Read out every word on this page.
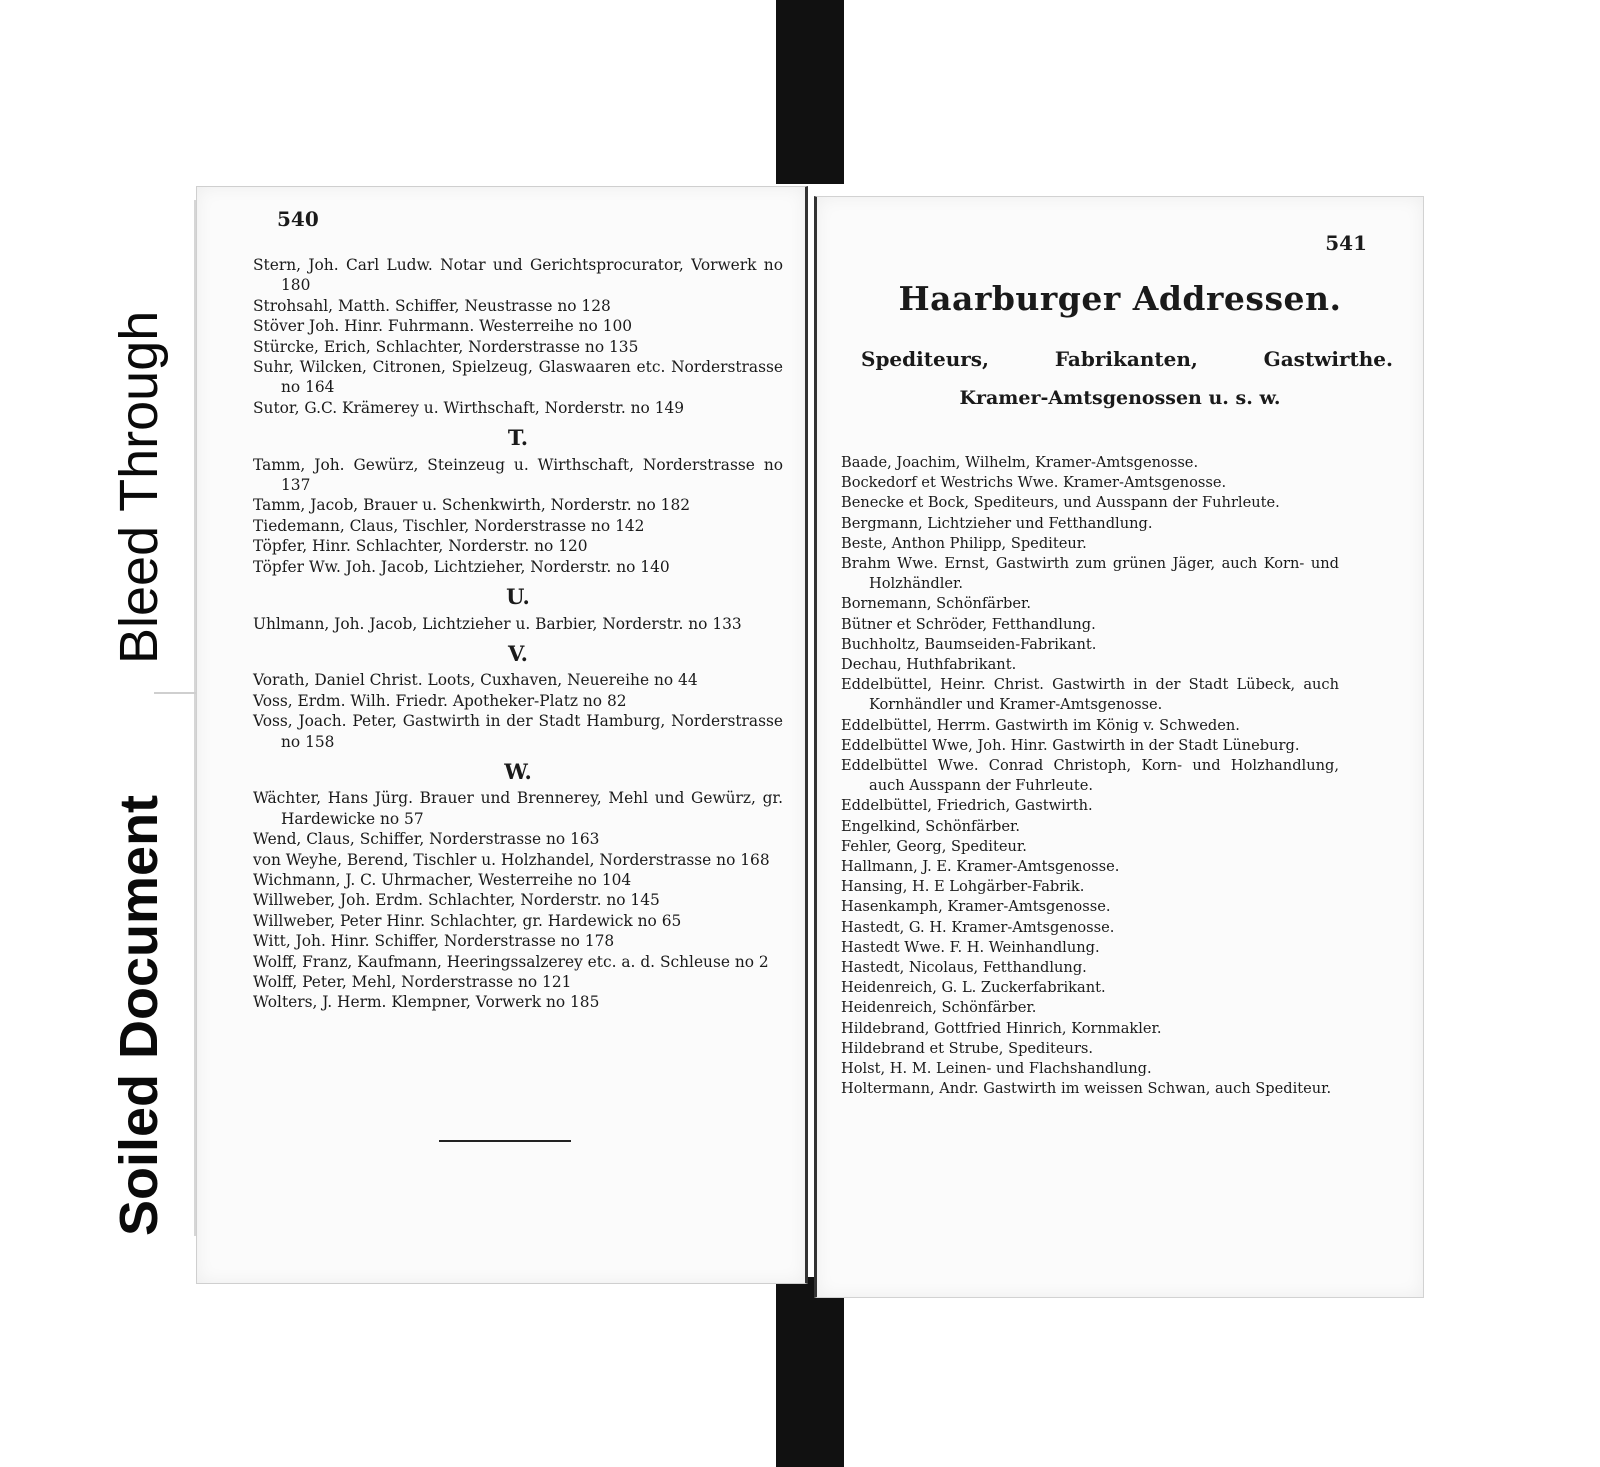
Soiled Document
Bleed Through
540
Stern, Joh. Carl Ludw. Notar und Gerichtsprocurator, Vorwerk no 180
Strohsahl, Matth. Schiffer, Neustrasse no 128
Stöver Joh. Hinr. Fuhrmann. Westerreihe no 100
Stürcke, Erich, Schlachter, Norderstrasse no 135
Suhr, Wilcken, Citronen, Spielzeug, Glaswaaren etc. Norderstrasse no 164
Sutor, G.C. Krämerey u. Wirthschaft, Norderstr. no 149
T.
Tamm, Joh. Gewürz, Steinzeug u. Wirthschaft, Norderstrasse no 137
Tamm, Jacob, Brauer u. Schenkwirth, Norderstr. no 182
Tiedemann, Claus, Tischler, Norderstrasse no 142
Töpfer, Hinr. Schlachter, Norderstr. no 120
Töpfer Ww. Joh. Jacob, Lichtzieher, Norderstr. no 140
U.
Uhlmann, Joh. Jacob, Lichtzieher u. Barbier, Norderstr. no 133
V.
Vorath, Daniel Christ. Loots, Cuxhaven, Neuereihe no 44
Voss, Erdm. Wilh. Friedr. Apotheker-Platz no 82
Voss, Joach. Peter, Gastwirth in der Stadt Hamburg, Norderstrasse no 158
W.
Wächter, Hans Jürg. Brauer und Brennerey, Mehl und Gewürz, gr. Hardewicke no 57
Wend, Claus, Schiffer, Norderstrasse no 163
von Weyhe, Berend, Tischler u. Holzhandel, Norderstrasse no 168
Wichmann, J. C. Uhrmacher, Westerreihe no 104
Willweber, Joh. Erdm. Schlachter, Norderstr. no 145
Willweber, Peter Hinr. Schlachter, gr. Hardewick no 65
Witt, Joh. Hinr. Schiffer, Norderstrasse no 178
Wolff, Franz, Kaufmann, Heeringssalzerey etc. a. d. Schleuse no 2
Wolff, Peter, Mehl, Norderstrasse no 121
Wolters, J. Herm. Klempner, Vorwerk no 185
541
Haarburger Addressen.
Spediteurs,	Fabrikanten,	Gastwirthe.
Kramer-Amtsgenossen u. s. w.
Baade, Joachim, Wilhelm, Kramer-Amtsgenosse.
Bockedorf et Westrichs Wwe. Kramer-Amtsgenosse.
Benecke et Bock, Spediteurs, und Ausspann der Fuhrleute.
Bergmann, Lichtzieher und Fetthandlung.
Beste, Anthon Philipp, Spediteur.
Brahm Wwe. Ernst, Gastwirth zum grünen Jäger, auch Korn- und Holzhändler.
Bornemann, Schönfärber.
Bütner et Schröder, Fetthandlung.
Buchholtz, Baumseiden-Fabrikant.
Dechau, Huthfabrikant.
Eddelbüttel, Heinr. Christ. Gastwirth in der Stadt Lübeck, auch Kornhändler und Kramer-Amtsgenosse.
Eddelbüttel, Herrm. Gastwirth im König v. Schweden.
Eddelbüttel Wwe, Joh. Hinr. Gastwirth in der Stadt Lüneburg.
Eddelbüttel Wwe. Conrad Christoph, Korn- und Holzhandlung, auch Ausspann der Fuhrleute.
Eddelbüttel, Friedrich, Gastwirth.
Engelkind, Schönfärber.
Fehler, Georg, Spediteur.
Hallmann, J. E. Kramer-Amtsgenosse.
Hansing, H. E Lohgärber-Fabrik.
Hasenkamph, Kramer-Amtsgenosse.
Hastedt, G. H. Kramer-Amtsgenosse.
Hastedt Wwe. F. H. Weinhandlung.
Hastedt, Nicolaus, Fetthandlung.
Heidenreich, G. L. Zuckerfabrikant.
Heidenreich, Schönfärber.
Hildebrand, Gottfried Hinrich, Kornmakler.
Hildebrand et Strube, Spediteurs.
Holst, H. M. Leinen- und Flachshandlung.
Holtermann, Andr. Gastwirth im weissen Schwan, auch Spediteur.
